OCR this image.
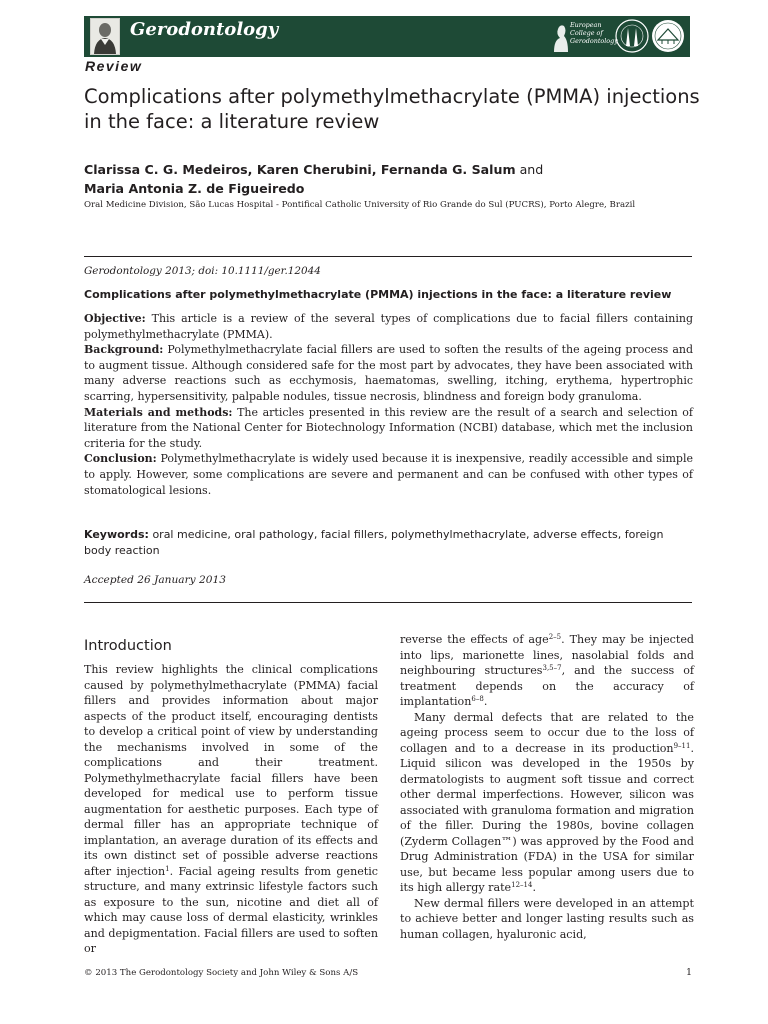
Gerodontology	European
College of
Gerodontology
Review
Complications after polymethylmethacrylate (PMMA) injections in the face: a literature review
Clarissa C. G. Medeiros, Karen Cherubini, Fernanda G. Salum and
Maria Antonia Z. de Figueiredo
Oral Medicine Division, São Lucas Hospital - Pontifical Catholic University of Rio Grande do Sul (PUCRS), Porto Alegre, Brazil
Gerodontology 2013; doi: 10.1111/ger.12044
Complications after polymethylmethacrylate (PMMA) injections in the face: a literature review

Objective: This article is a review of the several types of complications due to facial fillers containing polymethylmethacrylate (PMMA).

Background: Polymethylmethacrylate facial fillers are used to soften the results of the ageing process and to augment tissue. Although considered safe for the most part by advocates, they have been associated with many adverse reactions such as ecchymosis, haematomas, swelling, itching, erythema, hypertrophic scarring, hypersensitivity, palpable nodules, tissue necrosis, blindness and foreign body granuloma.

Materials and methods: The articles presented in this review are the result of a search and selection of literature from the National Center for Biotechnology Information (NCBI) database, which met the inclusion criteria for the study.

Conclusion: Polymethylmethacrylate is widely used because it is inexpensive, readily accessible and simple to apply. However, some complications are severe and permanent and can be confused with other types of stomatological lesions.

Keywords: oral medicine, oral pathology, facial fillers, polymethylmethacrylate, adverse effects, foreign body reaction
Accepted 26 January 2013
Introduction

This review highlights the clinical complications caused by polymethylmethacrylate (PMMA) facial fillers and provides information about major aspects of the product itself, encouraging dentists to develop a critical point of view by understanding the mechanisms involved in some of the complications and their treatment. Polymethylmethacrylate facial fillers have been developed for medical use to perform tissue augmentation for aesthetic purposes. Each type of dermal filler has an appropriate technique of implantation, an average duration of its effects and its own distinct set of possible adverse reactions after injection$^1$. Facial ageing results from genetic structure, and many extrinsic lifestyle factors such as exposure to the sun, nicotine and diet all of which may cause loss of dermal elasticity, wrinkles and depigmentation. Facial fillers are used to soften or

reverse the effects of age$^{2-5}$. They may be injected into lips, marionette lines, nasolabial folds and neighbouring structures$^{3,5-7}$, and the success of treatment depends on the accuracy of implantation$^{6-8}$.

Many dermal defects that are related to the ageing process seem to occur due to the loss of collagen and to a decrease in its production$^{9-11}$. Liquid silicon was developed in the 1950s by dermatologists to augment soft tissue and correct other dermal imperfections. However, silicon was associated with granuloma formation and migration of the filler. During the 1980s, bovine collagen (Zyderm Collagen™) was approved by the Food and Drug Administration (FDA) in the USA for similar use, but became less popular among users due to its high allergy rate$^{12-14}$.

New dermal fillers were developed in an attempt to achieve better and longer lasting results such as human collagen, hyaluronic acid,

© 2013 The Gerodontology Society and John Wiley & Sons A/S	1
